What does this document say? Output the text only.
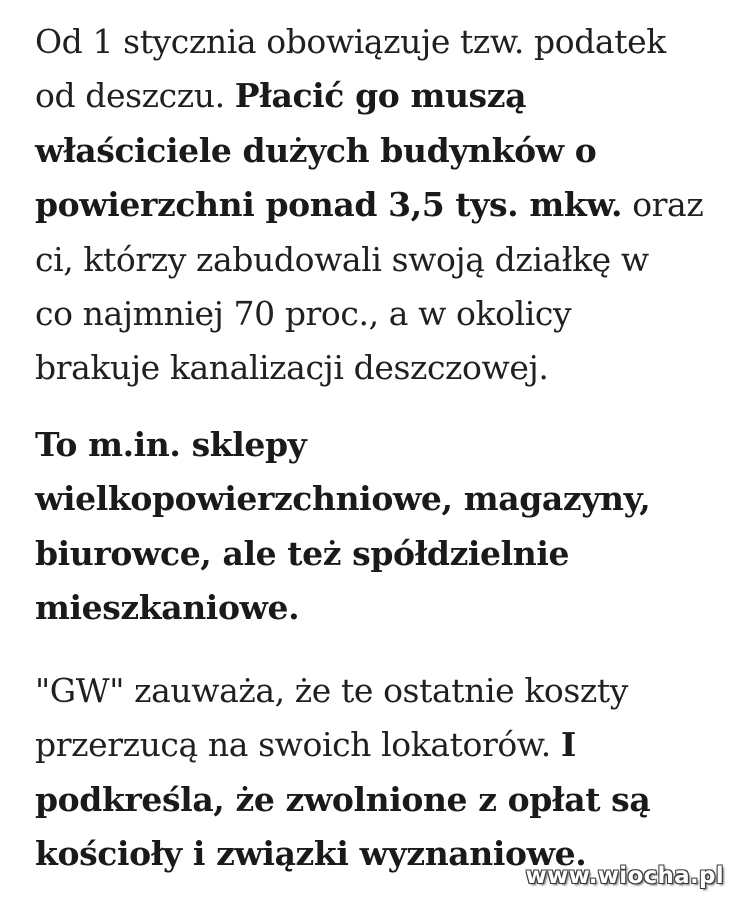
Od 1 stycznia obowiązuje tzw. podatek
od deszczu. Płacić go muszą
właściciele dużych budynków o
powierzchni ponad 3,5 tys. mkw. oraz
ci, którzy zabudowali swoją działkę w
co najmniej 70 proc., a w okolicy
brakuje kanalizacji deszczowej.

To m.in. sklepy
wielkopowierzchniowe, magazyny,
biurowce, ale też spółdzielnie
mieszkaniowe.

"GW" zauważa, że te ostatnie koszty
przerzucą na swoich lokatorów. I
podkreśla, że zwolnione z opłat są
kościoły i związki wyznaniowe.

www.wiocha.pl
